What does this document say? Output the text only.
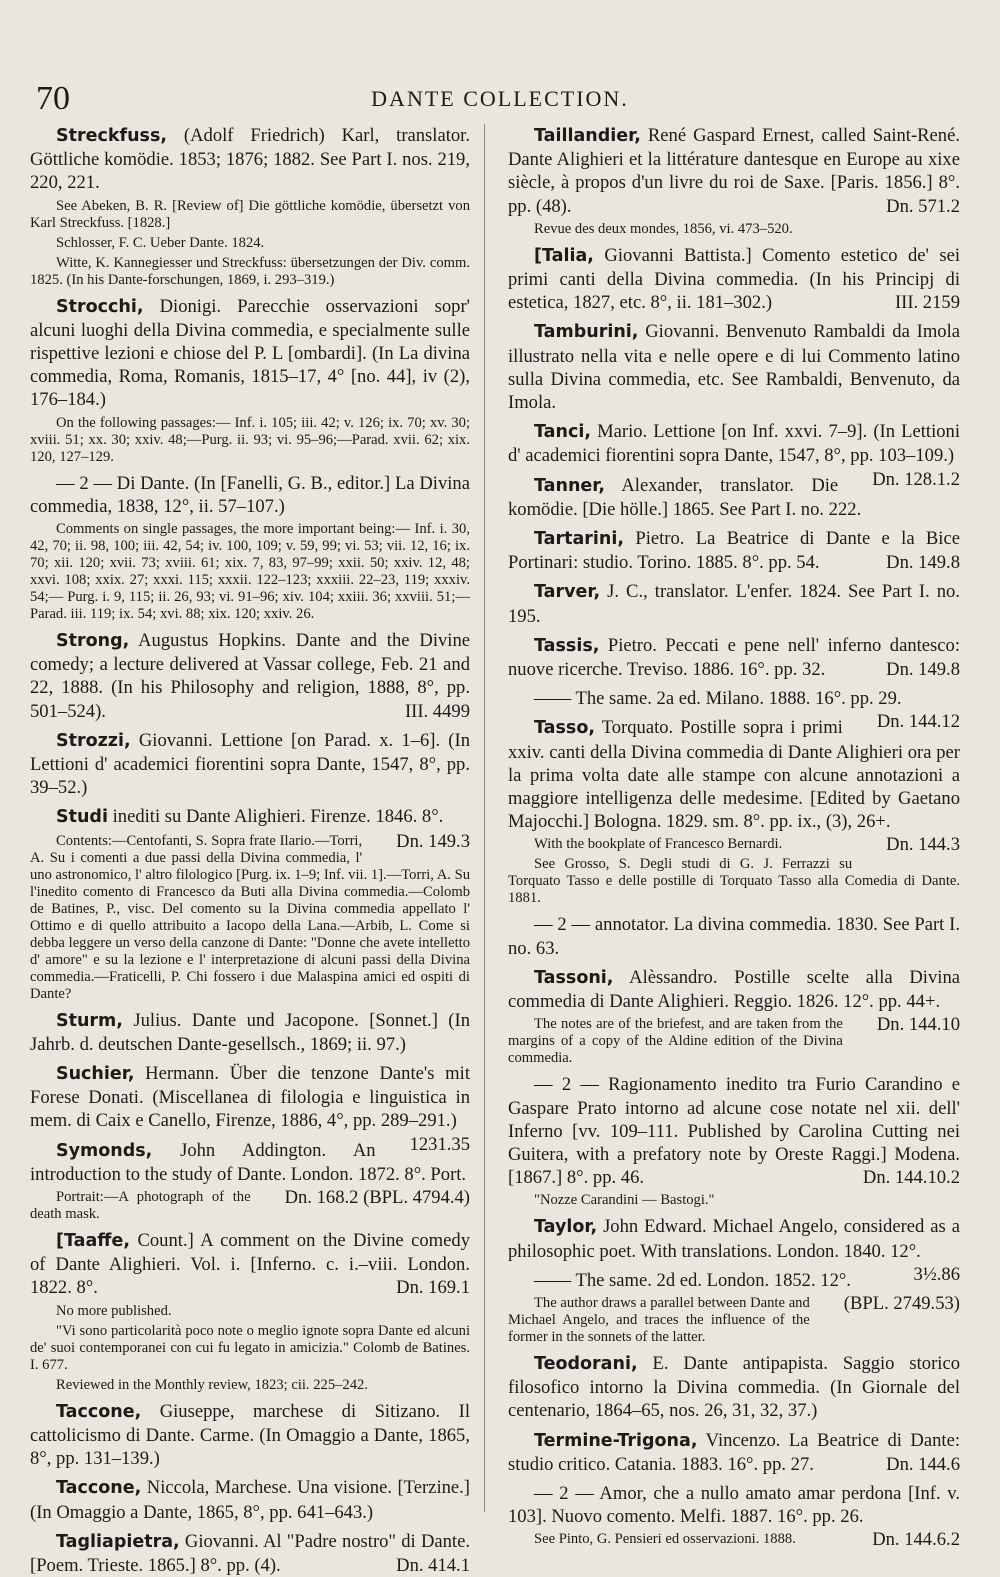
70	DANTE COLLECTION.

Streckfuss, (Adolf Friedrich) Karl, translator. Göttliche komödie. 1853; 1876; 1882. See Part I. nos. 219, 220, 221.

See Abeken, B. R. [Review of] Die göttliche komödie, übersetzt von Karl Streckfuss. [1828.]

Schlosser, F. C. Ueber Dante. 1824.

Witte, K. Kannegiesser und Streckfuss: übersetzungen der Div. comm. 1825. (In his Dante-forschungen, 1869, i. 293–319.)

Strocchi, Dionigi. Parecchie osservazioni sopr' alcuni luoghi della Divina commedia, e specialmente sulle rispettive lezioni e chiose del P. L [ombardi]. (In La divina commedia, Roma, Romanis, 1815–17, 4° [no. 44], iv (2), 176–184.)

On the following passages:— Inf. i. 105; iii. 42; v. 126; ix. 70; xv. 30; xviii. 51; xx. 30; xxiv. 48;—Purg. ii. 93; vi. 95–96;—Parad. xvii. 62; xix. 120, 127–129.

— 2 — Di Dante. (In [Fanelli, G. B., editor.] La Divina commedia, 1838, 12°, ii. 57–107.)

Comments on single passages, the more important being:— Inf. i. 30, 42, 70; ii. 98, 100; iii. 42, 54; iv. 100, 109; v. 59, 99; vi. 53; vii. 12, 16; ix. 70; xii. 120; xvii. 73; xviii. 61; xix. 7, 83, 97–99; xxii. 50; xxiv. 12, 48; xxvi. 108; xxix. 27; xxxi. 115; xxxii. 122–123; xxxiii. 22–23, 119; xxxiv. 54;— Purg. i. 9, 115; ii. 26, 93; vi. 91–96; xiv. 104; xxiii. 36; xxviii. 51;—Parad. iii. 119; ix. 54; xvi. 88; xix. 120; xxiv. 26.

Strong, Augustus Hopkins. Dante and the Divine comedy; a lecture delivered at Vassar college, Feb. 21 and 22, 1888. (In his Philosophy and religion, 1888, 8°, pp. 501–524).	III. 4499

Strozzi, Giovanni. Lettione [on Parad. x. 1–6]. (In Lettioni d' academici fiorentini sopra Dante, 1547, 8°, pp. 39–52.)

Studi inediti su Dante Alighieri. Firenze. 1846. 8°.
Dn. 149.3

Contents:—Centofanti, S. Sopra frate Ilario.—Torri, A. Su i comenti a due passi della Divina commedia, l' uno astronomico, l' altro filologico [Purg. ix. 1–9; Inf. vii. 1].—Torri, A. Su l'inedito comento di Francesco da Buti alla Divina commedia.—Colomb de Batines, P., visc. Del comento su la Divina commedia appellato l' Ottimo e di quello attribuito a Iacopo della Lana.—Arbib, L. Come si debba leggere un verso della canzone di Dante: "Donne che avete intelletto d' amore" e su la lezione e l' interpretazione di alcuni passi della Divina commedia.—Fraticelli, P. Chi fossero i due Malaspina amici ed ospiti di Dante?

Sturm, Julius. Dante und Jacopone. [Sonnet.] (In Jahrb. d. deutschen Dante-gesellsch., 1869; ii. 97.)

Suchier, Hermann. Über die tenzone Dante's mit Forese Donati. (Miscellanea di filologia e linguistica in mem. di Caix e Canello, Firenze, 1886, 4°, pp. 289–291.)
1231.35

Symonds, John Addington. An introduction to the study of Dante. London. 1872. 8°. Port.
Dn. 168.2 (BPL. 4794.4)

Portrait:—A photograph of the death mask.

[Taaffe, Count.] A comment on the Divine comedy of Dante Alighieri. Vol. i. [Inferno. c. i.–viii. London. 1822. 8°.	Dn. 169.1

No more published.

"Vi sono particolarità poco note o meglio ignote sopra Dante ed alcuni de' suoi contemporanei con cui fu legato in amicizia." Colomb de Batines. I. 677.

Reviewed in the Monthly review, 1823; cii. 225–242.

Taccone, Giuseppe, marchese di Sitizano. Il cattolicismo di Dante. Carme. (In Omaggio a Dante, 1865, 8°, pp. 131–139.)

Taccone, Niccola, Marchese. Una visione. [Terzine.] (In Omaggio a Dante, 1865, 8°, pp. 641–643.)

Tagliapietra, Giovanni. Al "Padre nostro" di Dante. [Poem. Trieste. 1865.] 8°. pp. (4).	Dn. 414.1

Taillandier, René Gaspard Ernest, called Saint-René. Dante Alighieri et la littérature dantesque en Europe au xixe siècle, à propos d'un livre du roi de Saxe. [Paris. 1856.] 8°. pp. (48).	Dn. 571.2

Revue des deux mondes, 1856, vi. 473–520.

[Talia, Giovanni Battista.] Comento estetico de' sei primi canti della Divina commedia. (In his Principj di estetica, 1827, etc. 8°, ii. 181–302.)	III. 2159

Tamburini, Giovanni. Benvenuto Rambaldi da Imola illustrato nella vita e nelle opere e di lui Commento latino sulla Divina commedia, etc. See Rambaldi, Benvenuto, da Imola.

Tanci, Mario. Lettione [on Inf. xxvi. 7–9]. (In Lettioni d' academici fiorentini sopra Dante, 1547, 8°, pp. 103–109.)
Dn. 128.1.2

Tanner, Alexander, translator. Die komödie. [Die hölle.] 1865. See Part I. no. 222.

Tartarini, Pietro. La Beatrice di Dante e la Bice Portinari: studio. Torino. 1885. 8°. pp. 54.	Dn. 149.8

Tarver, J. C., translator. L'enfer. 1824. See Part I. no. 195.

Tassis, Pietro. Peccati e pene nell' inferno dantesco: nuove ricerche. Treviso. 1886. 16°. pp. 32.	Dn. 149.8

—— The same. 2a ed. Milano. 1888. 16°. pp. 29.
Dn. 144.12

Tasso, Torquato. Postille sopra i primi xxiv. canti della Divina commedia di Dante Alighieri ora per la prima volta date alle stampe con alcune annotazioni a maggiore intelligenza delle medesime. [Edited by Gaetano Majocchi.] Bologna. 1829. sm. 8°. pp. ix., (3), 26+.
Dn. 144.3

With the bookplate of Francesco Bernardi.

See Grosso, S. Degli studi di G. J. Ferrazzi su Torquato Tasso e delle postille di Torquato Tasso alla Comedia di Dante. 1881.

— 2 — annotator. La divina commedia. 1830. See Part I. no. 63.

Tassoni, Alèssandro. Postille scelte alla Divina commedia di Dante Alighieri. Reggio. 1826. 12°. pp. 44+.
Dn. 144.10

The notes are of the briefest, and are taken from the margins of a copy of the Aldine edition of the Divina commedia.

— 2 — Ragionamento inedito tra Furio Carandino e Gaspare Prato intorno ad alcune cose notate nel xii. dell' Inferno [vv. 109–111. Published by Carolina Cutting nei Guitera, with a prefatory note by Oreste Raggi.] Modena. [1867.] 8°. pp. 46.	Dn. 144.10.2

"Nozze Carandini — Bastogi."

Taylor, John Edward. Michael Angelo, considered as a philosophic poet. With translations. London. 1840. 12°.
3½.86

—— The same. 2d ed. London. 1852. 12°.
(BPL. 2749.53)

The author draws a parallel between Dante and Michael Angelo, and traces the influence of the former in the sonnets of the latter.

Teodorani, E. Dante antipapista. Saggio storico filosofico intorno la Divina commedia. (In Giornale del centenario, 1864–65, nos. 26, 31, 32, 37.)

Termine-Trigona, Vincenzo. La Beatrice di Dante: studio critico. Catania. 1883. 16°. pp. 27.	Dn. 144.6

— 2 — Amor, che a nullo amato amar perdona [Inf. v. 103]. Nuovo comento. Melfi. 1887. 16°. pp. 26.
Dn. 144.6.2

See Pinto, G. Pensieri ed osservazioni. 1888.
